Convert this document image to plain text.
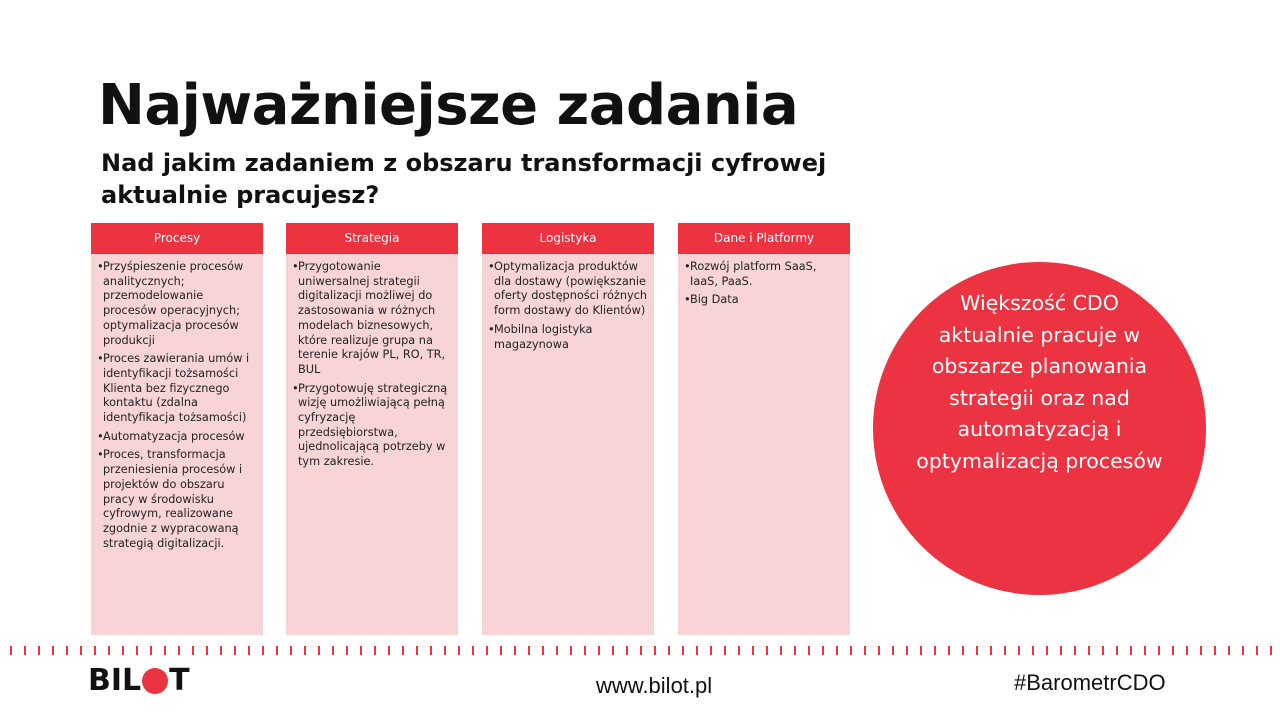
Najważniejsze zadania
Nad jakim zadaniem z obszaru transformacji cyfrowej aktualnie pracujesz?
Procesy
• Przyśpieszenie procesów analitycznych; przemodelowanie procesów operacyjnych; optymalizacja procesów produkcji
• Proces zawierania umów i identyfikacji tożsamości Klienta bez fizycznego kontaktu (zdalna identyfikacja tożsamości)
• Automatyzacja procesów
• Proces, transformacja przeniesienia procesów i projektów do obszaru pracy w środowisku cyfrowym, realizowane zgodnie z wypracowaną strategią digitalizacji.
Strategia
• Przygotowanie uniwersalnej strategii digitalizacji możliwej do zastosowania w różnych modelach biznesowych, które realizuje grupa na terenie krajów PL, RO, TR, BUL
• Przygotowuję strategiczną wizję umożliwiającą pełną cyfryzację przedsiębiorstwa, ujednolicającą potrzeby w tym zakresie.
Logistyka
• Optymalizacja produktów dla dostawy (powiększanie oferty dostępności różnych form dostawy do Klientów)
• Mobilna logistyka magazynowa
Dane i Platformy
• Rozwój platform SaaS, IaaS, PaaS.
• Big Data	Większość CDO aktualnie pracuje w obszarze planowania strategii oraz nad automatyzacją i optymalizacją procesów

BIL T	www.bilot.pl	#BarometrCDO
